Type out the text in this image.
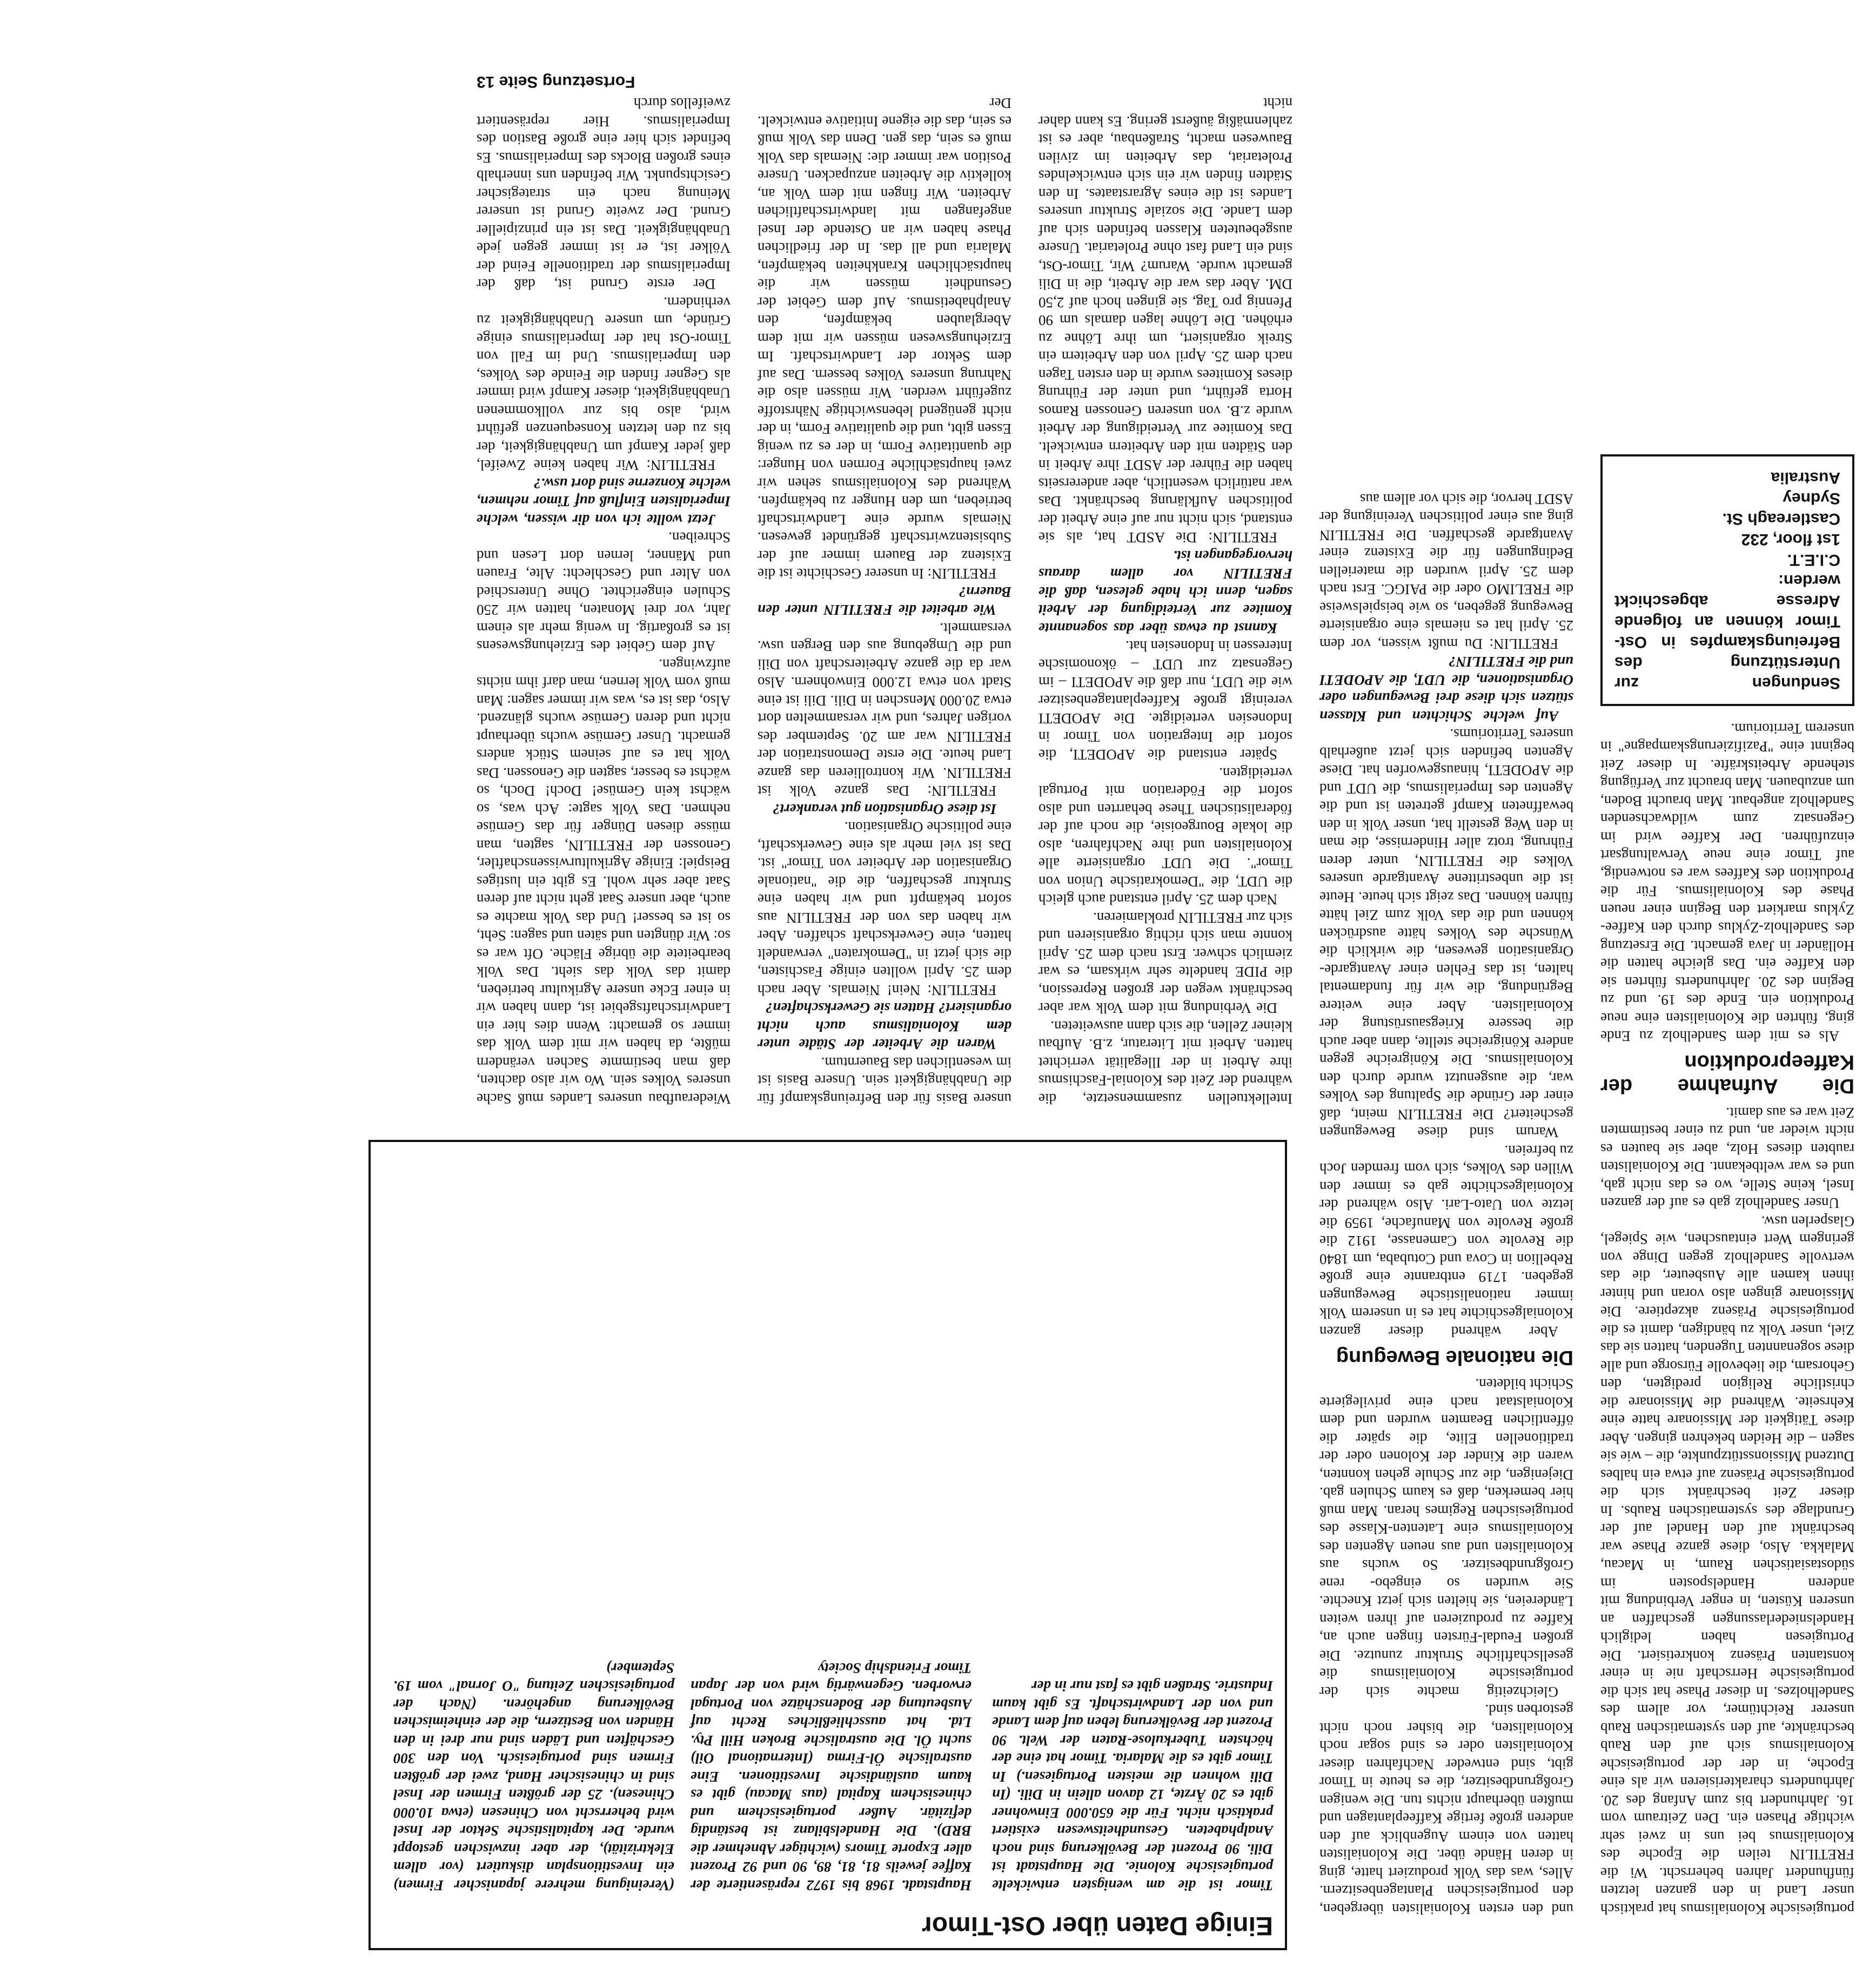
portugiesische Kolonialismus hat praktisch unser Land in den ganzen letzten fünfhundert Jahren beherrscht. Wi die FRETILIN teilen die Epoche des Kolonialismus bei uns in zwei sehr wichtige Phasen ein. Den Zeitraum vom 16. Jahrhundert bis zum Anfang des 20. Jahrhunderts charakterisieren wir als eine Epoche, in der der portugiesische Kolonialismus sich auf den Raub beschränkte, auf den systematischen Raub unserer Reichtümer, vor allem des Sandelholzes. In dieser Phase hat sich die portugiesische Herrschaft nie in einer konstanten Präsenz konkretisiert. Die Portugiesen haben lediglich Handelsniederlassungen geschaffen an unseren Küsten, in enger Verbindung mit anderen Handelsposten im südostasiatischen Raum, in Macau, Malakka. Also, diese ganze Phase war beschränkt auf den Handel auf der Grundlage des systematischen Raubs. In dieser Zeit beschränkt sich die portugiesische Präsenz auf etwa ein halbes Dutzend Missionsstützpunkte, die – wie sie sagen – die Heiden bekehren gingen. Aber diese Tätigkeit der Missionare hatte eine Kehrseite. Während die Missionare die christliche Religion predigten, den Gehorsam, die liebevolle Fürsorge und alle diese sogenannten Tugenden, hatten sie das Ziel, unser Volk zu bändigen, damit es die portugiesische Präsenz akzeptiere. Die Missionare gingen also voran und hinter ihnen kamen alle Ausbeuter, die das wertvolle Sandelholz gegen Dinge von geringem Wert eintauschen, wie Spiegel, Glasperlen usw.

Unser Sandelholz gab es auf der ganzen Insel, keine Stelle, wo es das nicht gab, und es war weltbekannt. Die Kolonialisten raubten dieses Holz, aber sie bauten es nicht wieder an, und zu einer bestimmten Zeit war es aus damit.

Die Aufnahme der Kaffeeproduktion

Als es mit dem Sandelholz zu Ende ging, führten die Kolonialisten eine neue Produktion ein. Ende des 19. und zu Beginn des 20. Jahrhunderts führten sie den Kaffee ein. Das gleiche hatten die Holländer in Java gemacht. Die Ersetzung des Sandelholz-Zyklus durch den Kaffee-Zyklus markiert den Beginn einer neuen Phase des Kolonialismus. Für die Produktion des Kaffees war es notwendig, auf Timor eine neue Verwaltungsart einzuführen. Der Kaffee wird im Gegensatz zum wildwachsenden Sandelholz angebaut. Man braucht Boden, um anzubauen. Man braucht zur Verfügung stehende Arbeitskräfte. In dieser Zeit beginnt eine "Pazifizierungskampagne" in unserem Territorium.

Sendungen zur Unterstützung des Befreiungskampfes in Ost-Timor können an folgende Adresse abgeschickt werden:
C.I.E.T.
1st floor, 232
Castlereagh St.
Sydney
Australia

und den ersten Kolonialisten übergeben, den portugiesischen Plantagenbesitzern. Alles, was das Volk produziert hatte, ging in deren Hände über. Die Kolonialisten hatten von einem Augenblick auf den anderen große fertige Kaffeeplantagen und mußten überhaupt nichts tun. Die wenigen Großgrundbesitzer, die es heute in Timor gibt, sind entweder Nachfahren dieser Kolonialisten oder es sind sogar noch Kolonialisten, die bisher noch nicht gestorben sind.

Gleichzeitig machte sich der portugiesische Kolonialismus die gesellschaftliche Struktur zunutze. Die großen Feudal-Fürsten fingen auch an, Kaffee zu produzieren auf ihren weiten Ländereien, sie hielten sich jetzt Knechte. Sie wurden so eingebo- rene Großgrundbesitzer. So wuchs aus Kolonialisten und aus neuen Agenten des Kolonialismus eine Latenten-Klasse des portugiesischen Regimes heran. Man muß hier bemerken, daß es kaum Schulen gab. Diejenigen, die zur Schule gehen konnten, waren die Kinder der Kolonen oder der traditionellen Elite, die später die öffentlichen Beamten wurden und dem Kolonialstaat nach eine privilegierte Schicht bildeten.

Die nationale Bewegung

Aber während dieser ganzen Kolonialgeschichte hat es in unserem Volk immer nationalistische Bewegungen gegeben. 1719 entbrannte eine große Rebellion in Cova und Cotubaba, um 1840 die Revolte von Camenasse, 1912 die große Revolte von Manufache, 1959 die letzte von Uato-Lari. Also während der Kolonialgeschichte gab es immer den Willen des Volkes, sich vom fremden Joch zu befreien.

Warum sind diese Bewegungen gescheitert? Die FRETILIN meint, daß einer der Gründe die Spaltung des Volkes war, die ausgenutzt wurde durch den Kolonialismus. Die Königreiche gegen andere Königreiche stellte, dann aber auch die bessere Kriegsausrüstung der Kolonialisten. Aber eine weitere Begründung, die wir für fundamental halten, ist das Fehlen einer Avantgarde-Organisation gewesen, die wirklich die Wünsche des Volkes hätte ausdrücken können und die das Volk zum Ziel hätte führen können. Das zeigt sich heute. Heute ist die unbestrittene Avantgarde unseres Volkes die FRETILIN, unter deren Führung, trotz aller Hindernisse, die man in den Weg gestellt hat, unser Volk in den bewaffneten Kampf getreten ist und die Agenten des Imperialismus, die UDT und die APODETI, hinausgeworfen hat. Diese Agenten befinden sich jetzt außerhalb unseres Territoriums.

Auf welche Schichten und Klassen stützen sich diese drei Bewegungen oder Organisationen, die UDT, die APODETI und die FRETILIN?

FRETILIN: Du mußt wissen, vor dem 25. April hat es niemals eine organisierte Bewegung gegeben, so wie beispielsweise die FRELIMO oder die PAIGC. Erst nach dem 25. April wurden die materiellen Bedingungen für die Existenz einer Avantgarde geschaffen. Die FRETILIN ging aus einer politischen Vereinigung der ASDT hervor, die sich vor allem aus

Intellektuellen zusammensetzte, die während der Zeit des Kolonial-Faschismus ihre Arbeit in der Illegalität verrichtet hatten. Arbeit mit Literatur, z.B. Aufbau kleiner Zellen, die sich dann ausweiteten.

Die Verbindung mit dem Volk war aber beschränkt wegen der großen Repression, die PIDE handelte sehr wirksam, es war ziemlich schwer. Erst nach dem 25. April konnte man sich richtig organisieren und sich zur FRETILIN proklamieren.

Nach dem 25. April entstand auch gleich die UDT, die "Demokratische Union von Timor". Die UDT organisierte alle Kolonialisten und ihre Nachfahren, also die lokale Bourgeoisie, die noch auf der föderalistischen These beharrten und also sofort die Föderation mit Portugal verteidigten.

Später entstand die APODETI, die sofort die Integration von Timor in Indonesien verteidigte. Die APODETI vereinigt große Kaffeeplantagenbesitzer wie die UDT, nur daß die APODETI – im Gegensatz zur UDT – ökonomische Interessen in Indonesien hat.

Kannst du etwas über das sogenannte Komitee zur Verteidigung der Arbeit sagen, denn ich habe gelesen, daß die FRETILIN vor allem daraus hervorgegangen ist.

FRETILIN: Die ASDT hat, als sie entstand, sich nicht nur auf eine Arbeit der politischen Aufklärung beschränkt. Das war natürlich wesentlich, aber andererseits haben die Führer der ASDT ihre Arbeit in den Städten mit den Arbeitern entwickelt. Das Komitee zur Verteidigung der Arbeit wurde z.B. von unseren Genossen Ramos Horta geführt, und unter der Führung dieses Komitees wurde in den ersten Tagen nach dem 25. April von den Arbeitern ein Streik organisiert, um ihre Löhne zu erhöhen. Die Löhne lagen damals um 90 Pfennig pro Tag, sie gingen hoch auf 2,50 DM. Aber das war die Arbeit, die in Dili gemacht wurde. Warum? Wir, Timor-Ost, sind ein Land fast ohne Proletariat. Unsere ausgebeuteten Klassen befinden sich auf dem Lande. Die soziale Struktur unseres Landes ist die eines Agrarstaates. In den Städten finden wir ein sich entwickelndes Proletariat, das Arbeiten im zivilen Bauwesen macht, Straßenbau, aber es ist zahlenmäßig äußerst gering. Es kann daher nicht

unsere Basis für den Befreiungskampf für die Unabhängigkeit sein. Unsere Basis ist im wesentlichen das Bauerntum.

Waren die Arbeiter der Städte unter dem Kolonialismus auch nicht organisiert? Hatten sie Gewerkschaften?

FRETILIN: Nein! Niemals. Aber nach dem 25. April wollten einige Faschisten, die sich jetzt in "Demokraten" verwandelt hatten, eine Gewerkschaft schaffen. Aber wir haben das von der FRETILIN aus sofort bekämpft und wir haben eine Struktur geschaffen, die die "nationale Organisation der Arbeiter von Timor" ist. Das ist viel mehr als eine Gewerkschaft, eine politische Organisation.

Ist diese Organisation gut verankert?

FRETILIN: Das ganze Volk ist FRETILIN. Wir kontrollieren das ganze Land heute. Die erste Demonstration der FRETILIN war am 20. September des vorigen Jahres, und wir versammelten dort etwa 20.000 Menschen in Dili. Dili ist eine Stadt von etwa 12.000 Einwohnern. Also war da die ganze Arbeiterschaft von Dili und die Umgebung aus den Bergen usw. versammelt.

Wie arbeitet die FRETILIN unter den Bauern?

FRETILIN: In unserer Geschichte ist die Existenz der Bauern immer auf der Subsistenzwirtschaft gegründet gewesen. Niemals wurde eine Landwirtschaft betrieben, um den Hunger zu bekämpfen. Während des Kolonialismus sehen wir zwei hauptsächliche Formen von Hunger: die quantitative Form, in der es zu wenig Essen gibt, und die qualitative Form, in der nicht genügend lebenswichtige Nährstoffe zugeführt werden. Wir müssen also die Nahrung unseres Volkes bessern. Das auf dem Sektor der Landwirtschaft. Im Erziehungswesen müssen wir mit dem Aberglauben bekämpfen, den Analphabetismus. Auf dem Gebiet der Gesundheit müssen wir die hauptsächlichen Krankheiten bekämpfen, Malaria und all das. In der friedlichen Phase haben wir an Ostende der Insel angefangen mit landwirtschaftlichen Arbeiten. Wir fingen mit dem Volk an, kollektiv die Arbeiten anzupacken. Unsere Position war immer die: Niemals das Volk muß es sein, das gen. Denn das Volk muß es sein, das die eigene Initiative entwickelt. Der

Wiederaufbau unseres Landes muß Sache unseres Volkes sein. Wo wir also dachten, daß man bestimmte Sachen verändern müßte, da haben wir mit dem Volk das immer so gemacht: Wenn dies hier ein Landwirtschaftsgebiet ist, dann haben wir in einer Ecke unsere Agrikultur betrieben, damit das Volk das sieht. Das Volk bearbeitete die übrige Fläche. Oft war es so: Wir düngten und säten und sagen: Seht, so ist es besser! Und das Volk machte es auch, aber unsere Saat geht nicht auf deren Saat aber sehr wohl. Es gibt ein lustiges Beispiel: Einige Agrikulturwissenschaftler, Genossen der FRETILIN, sagten, man müsse diesen Dünger für das Gemüse nehmen. Das Volk sagte: Ach was, so wächst kein Gemüse! Doch! Doch, so wächst es besser, sagten die Genossen. Das Volk hat es auf seinem Stück anders gemacht. Unser Gemüse wuchs überhaupt nicht und deren Gemüse wuchs glänzend. Also, das ist es, was wir immer sagen: Man muß vom Volk lernen, man darf ihm nichts aufzwingen.

Auf dem Gebiet des Erziehungswesens ist es großartig. In wenig mehr als einem Jahr, vor drei Monaten, hatten wir 250 Schulen eingerichtet. Ohne Unterschied von Alter und Geschlecht: Alte, Frauen und Männer, lernen dort Lesen und Schreiben.

Jetzt wollte ich von dir wissen, welche Imperialisten Einfluß auf Timor nehmen, welche Konzerne sind dort usw.?

FRETILIN: Wir haben keine Zweifel, daß jeder Kampf um Unabhängigkeit, der bis zu den letzten Konsequenzen geführt wird, also bis zur vollkommenen Unabhängigkeit, dieser Kampf wird immer als Gegner finden die Feinde des Volkes, den Imperialismus. Und im Fall von Timor-Ost hat der Imperialismus einige Gründe, um unsere Unabhängigkeit zu verhindern.

Der erste Grund ist, daß der Imperialismus der traditionelle Feind der Völker ist, er ist immer gegen jede Unabhängigkeit. Das ist ein prinzipieller Grund. Der zweite Grund ist unserer Meinung nach ein strategischer Gesichtspunkt. Wir befinden uns innerhalb eines großen Blocks des Imperialismus. Es befindet sich hier eine große Bastion des Imperialismus. Hier repräsentiert zweifellos durch

Fortsetzung Seite 13
Einige Daten über Ost-Timor
Timor ist die am wenigsten entwickelte portugiesische Kolonie. Die Hauptstadt ist Dili. 90 Prozent der Bevölkerung sind noch Analphabeten. Gesundheitswesen existiert praktisch nicht. Für die 650.000 Einwohner gibt es 20 Ärzte, 12 davon allein in Dili. (In Dili wohnen die meisten Portugiesen.) In Timor gibt es die Malaria. Timor hat eine der höchsten Tuberkulose-Raten der Welt. 90 Prozent der Bevölkerung leben auf dem Lande und von der Landwirtschaft. Es gibt kaum Industrie. Straßen gibt es fast nur in der
Hauptstadt. 1968 bis 1972 repräsentierte der Kaffee jeweils 81, 81, 89, 90 und 92 Prozent aller Exporte Timors (wichtiger Abnehmer die BRD). Die Handelsbilanz ist beständig defizitär. Außer portugiesischem und chinesischem Kapital (aus Macau) gibt es kaum ausländische Investitionen. Eine australische Öl-Firma (International Oil) sucht Öl. Die australische Broken Hill Pty. Ltd. hat ausschließliches Recht auf Ausbeutung der Bodenschätze von Portugal erworben. Gegenwärtig wird von der Japan Timor Friendship Society
(Vereinigung mehrere japanischer Firmen) ein Investitionsplan diskutiert (vor allem Elektrizität), der aber inzwischen gestoppt wurde. Der kapitalistische Sektor der Insel wird beherrscht von Chinesen (etwa 10.000 Chinesen). 25 der größten Firmen der Insel sind in chinesischer Hand, zwei der größten Firmen sind portugiesisch. Von den 300 Geschäften und Läden sind nur drei in den Händen von Bestizern, die der einheimischen Bevölkerung angehören. (Nach der portugiesischen Zeitung "O Jornal" vom 19. September)
